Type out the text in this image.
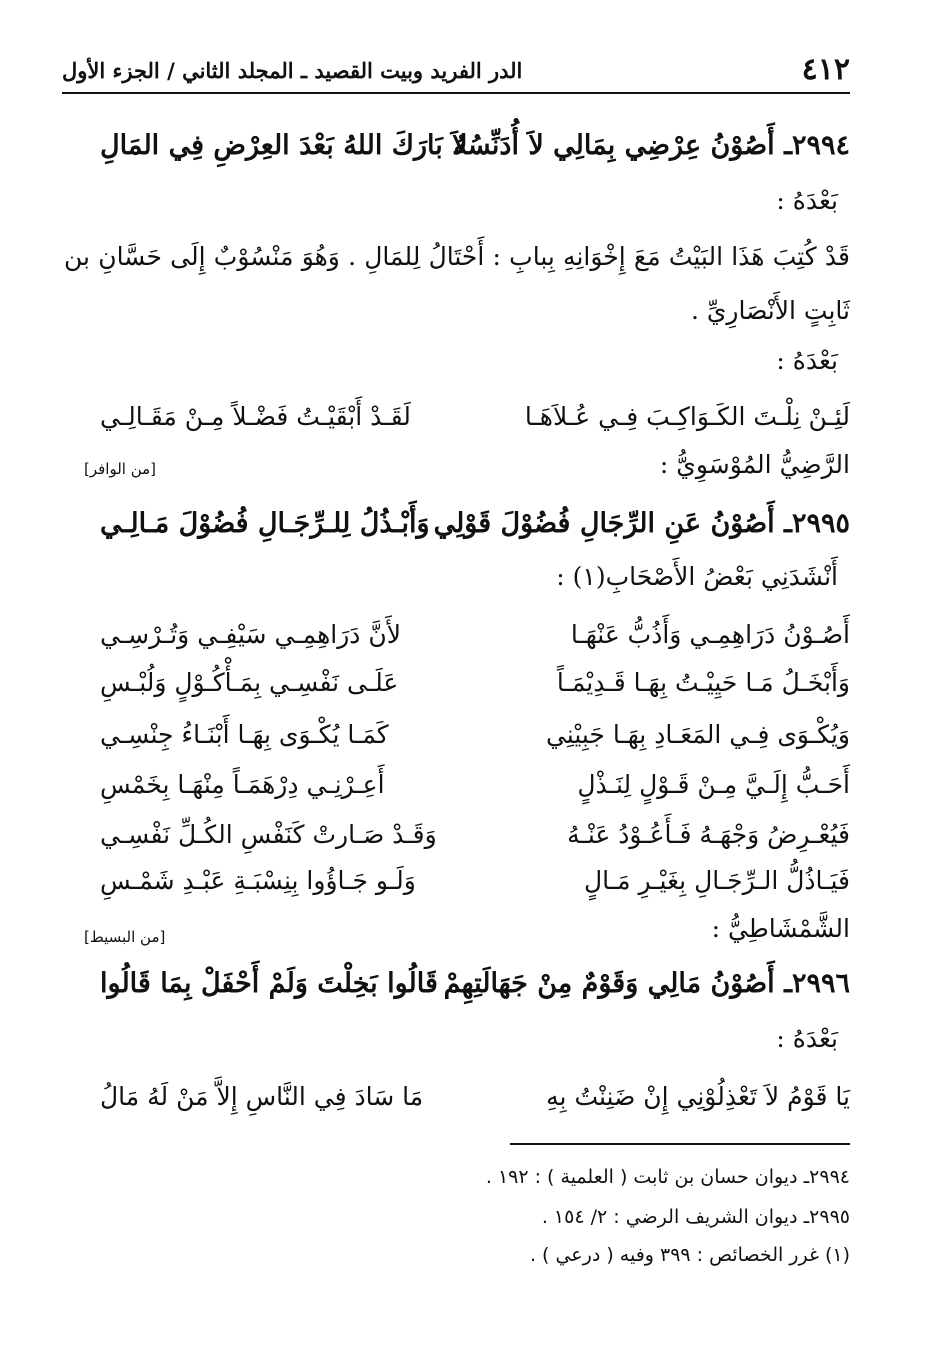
٤١٢
الدر الفريد وبيت القصيد ـ المجلد الثاني / الجزء الأول
٢٩٩٤ـ أَصُوْنُ عِرْضِي بِمَالِي لاَ أُدَنِّسُهُ
لاَ بَارَكَ اللهُ بَعْدَ العِرْضِ فِي المَالِ
بَعْدَهُ :
قَدْ كُتِبَ هَذَا البَيْتُ مَعَ إِخْوَانِهِ بِبابِ : أَحْتَالُ لِلمَالِ . وَهُوَ مَنْسُوْبٌ إِلَى حَسَّانِ بن
ثَابِتٍ الأَنْصَارِيِّ .
بَعْدَهُ :
لَئِـنْ نِلْـتَ الكَـوَاكِـبَ فِـي عُـلاَهَـا
لَقَـدْ أَبْقَيْـتُ فَضْـلاً مِـنْ مَقَـالِـي
الرَّضِيُّ المُوْسَوِيُّ :
[من الوافر]
٢٩٩٥ـ أَصُوْنُ عَنِ الرِّجَالِ فُضُوْلَ قَوْلِي
وَأَبْـذُلُ لِلـرِّجَـالِ فُضُوْلَ مَـالِـي
أَنْشَدَنِي بَعْضُ الأَصْحَابِ(١) :
أَصُـوْنُ دَرَاهِمِـي وَأَذُبُّ عَنْهَـا
لأَنَّ دَرَاهِمِـي سَيْفِـي وَتُـرْسِـي
وَأَبْخَـلُ مَـا حَيِيْـتُ بِهَـا قَـدِيْمَـاً
عَلَـى نَفْسِـي بِمَـأْكُـوْلٍ وَلُبْـسِ
وَيُكْـوَى فِـي المَعَـادِ بِهَـا جَبِيْنِي
كَمَـا يُكْـوَى بِهَـا أَبْنَـاءُ جِنْسِـي
أَحَـبُّ إِلَـيَّ مِـنْ قَـوْلٍ لِنَـذْلٍ
أَعِـرْنِـي دِرْهَمَـاً مِنْهَـا بِخَمْسِ
فَيُعْـرِضُ وَجْهَـهُ فَـأَعُـوْدُ عَنْـهُ
وَقَـدْ صَـارتْ كَنَفْسِ الكُـلِّ نَفْسِـي
فَيَـاذُلُّ الـرِّجَـالِ بِغَيْـرِ مَـالٍ
وَلَـو جَـاؤُوا بِنِسْبَـةِ عَبْـدِ شَمْـسِ
الشَّمْشَاطِيُّ :
[من البسيط]
٢٩٩٦ـ أَصُوْنُ مَالِي وَقَوْمٌ مِنْ جَهَالَتِهِمْ
قَالُوا بَخِلْتَ وَلَمْ أَحْفَلْ بِمَا قَالُوا
بَعْدَهُ :
يَا قَوْمُ لاَ تَعْذِلُوْنِي إِنْ ضَنِنْتُ بِهِ
مَا سَادَ فِي النَّاسِ إِلاَّ مَنْ لَهُ مَالُ
٢٩٩٤ـ ديوان حسان بن ثابت ( العلمية ) : ١٩٢ .
٢٩٩٥ـ ديوان الشريف الرضي : ٢/ ١٥٤ .
(١) غرر الخصائص : ٣٩٩ وفيه ( درعي ) .
